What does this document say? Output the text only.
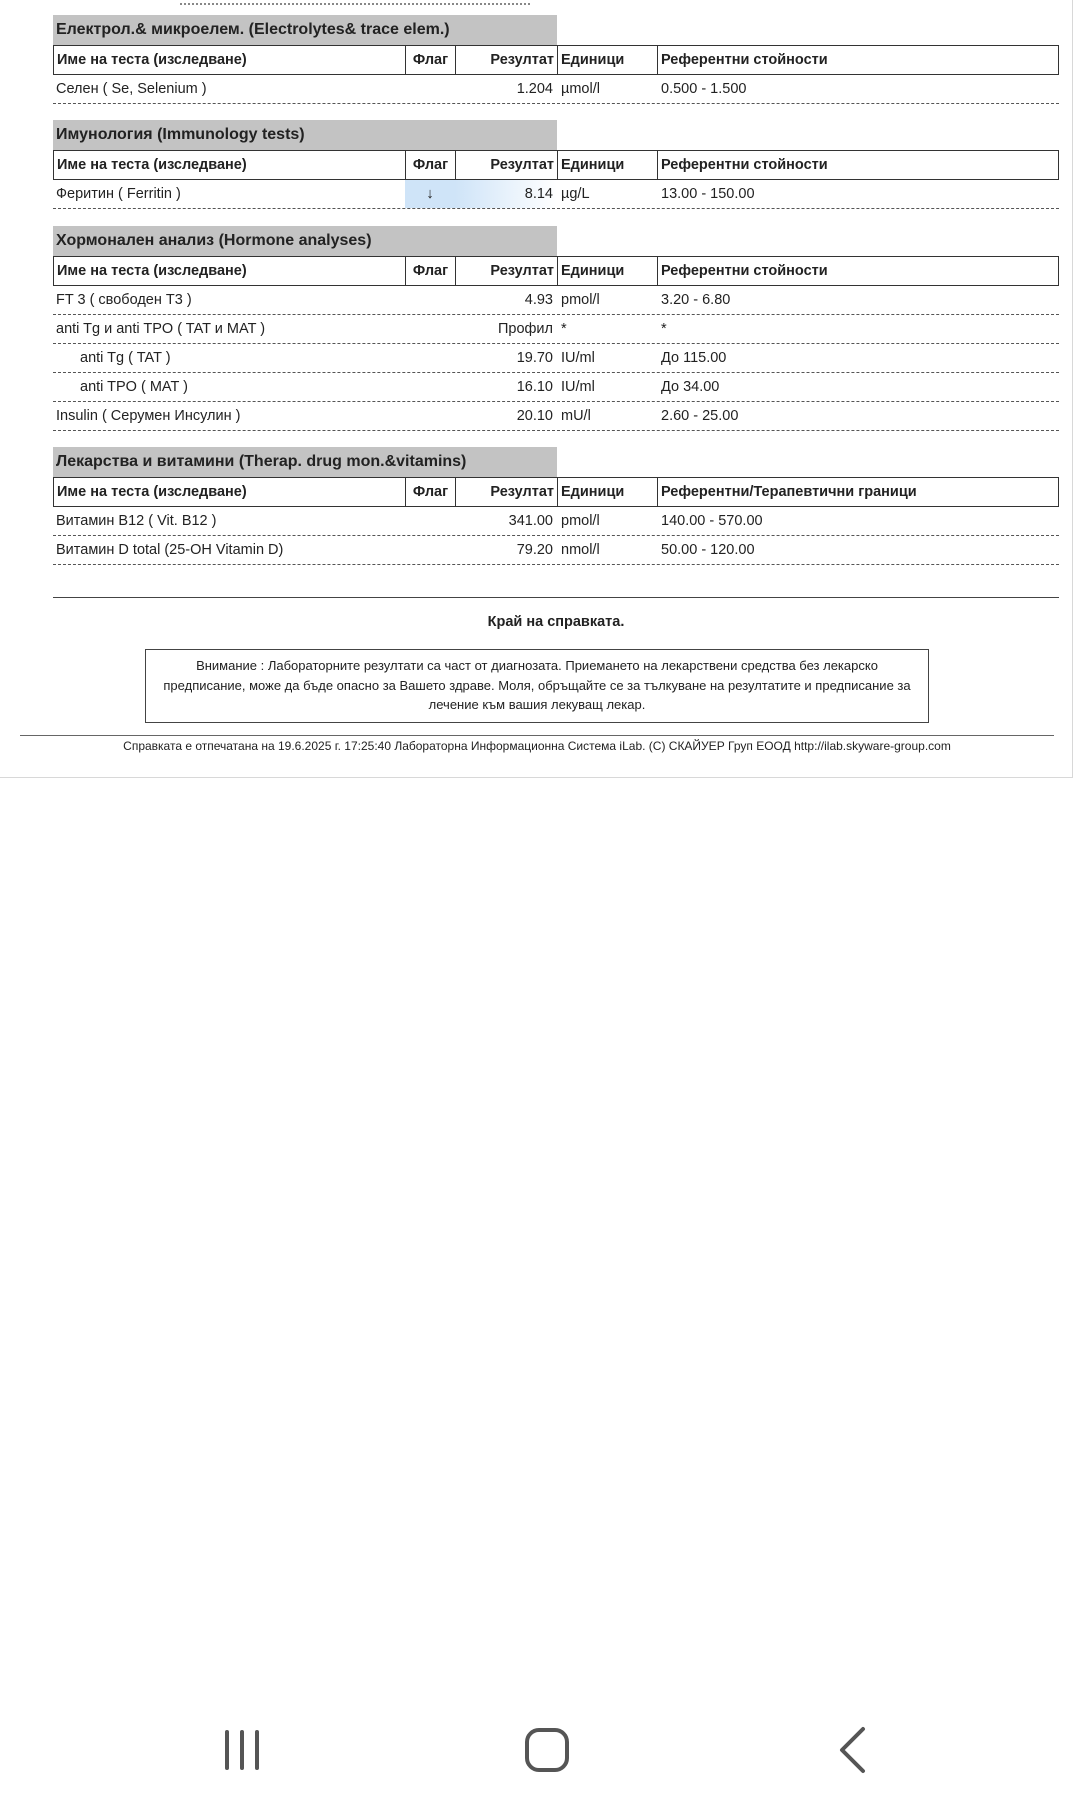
Електрол.& микроелем. (Electrolytes& trace elem.)
Име на теста (изследване)	Флаг	Резултат Единици	Референтни стойности
Селен ( Se, Selenium )	1.204 µmol/l	0.500 - 1.500
Имунология (Immunology tests)
Име на теста (изследване)	Флаг	Резултат Единици	Референтни стойности
Феритин ( Ferritin )	↓	8.14 µg/L	13.00 - 150.00
Хормонален анализ (Hormone analyses)
Име на теста (изследване)	Флаг	Резултат Единици	Референтни стойности
FT 3 ( свободен Т3 )	4.93 pmol/l	3.20 - 6.80
anti Tg и anti TPO ( TAT и MAT )	Профил *	*
anti Tg ( TAT )	19.70 IU/ml	До 115.00
anti TPO ( MAT )	16.10 IU/ml	До 34.00
Insulin ( Серумен Инсулин )	20.10 mU/l	2.60 - 25.00
Лекарства и витамини (Therap. drug mon.&vitamins)
Име на теста (изследване)	Флаг	Резултат Единици	Референтни/Терапевтични граници
Витамин B12 ( Vit. B12 )	341.00 pmol/l	140.00 - 570.00
Витамин D total (25-OH Vitamin D)	79.20 nmol/l	50.00 - 120.00
Край на справката.
Внимание : Лабораторните резултати са част от диагнозата. Приемането на лекарствени средства без лекарско предписание, може да бъде опасно за Вашето здраве. Моля, обръщайте се за тълкуване на резултатите и предписание за лечение към вашия лекуващ лекар.
Справката е отпечатана на 19.6.2025 г. 17:25:40 Лабораторна Информационна Система iLab. (C) СКАЙУЕР Груп ЕООД http://ilab.skyware-group.com
